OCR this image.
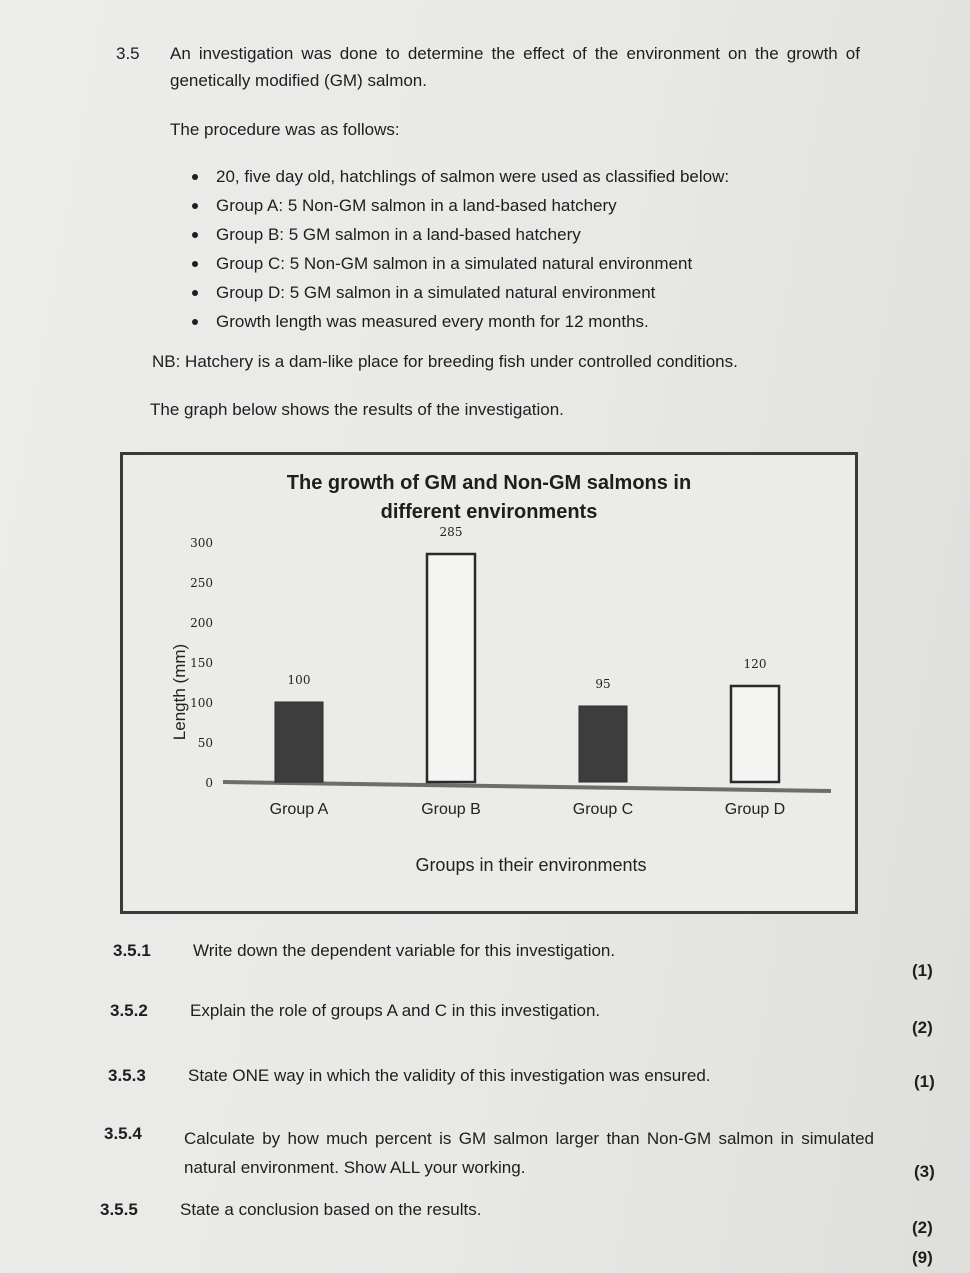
3.5 An investigation was done to determine the effect of the environment on the growth of genetically modified (GM) salmon.
The procedure was as follows:
20, five day old, hatchlings of salmon were used as classified below:
Group A: 5 Non-GM salmon in a land-based hatchery
Group B: 5 GM salmon in a land-based hatchery
Group C: 5 Non-GM salmon in a simulated natural environment
Group D: 5 GM salmon in a simulated natural environment
Growth length was measured every month for 12 months.
NB: Hatchery is a dam-like place for breeding fish under controlled conditions.
The graph below shows the results of the investigation.
The growth of GM and Non-GM salmons in
different environments
0
50
100
150
200
250
300
Length (mm)	100
Group A
285
Group B
95
Group C
120
Group D
Groups in their environments
3.5.1 Write down the dependent variable for this investigation.
(1)
3.5.2 Explain the role of groups A and C in this investigation.
(2)
3.5.3 State ONE way in which the validity of this investigation was ensured.	(1)
3.5.4 Calculate by how much percent is GM salmon larger than Non-GM salmon in simulated natural environment. Show ALL your working.	(3)
3.5.5 State a conclusion based on the results.
(2)
(9)
